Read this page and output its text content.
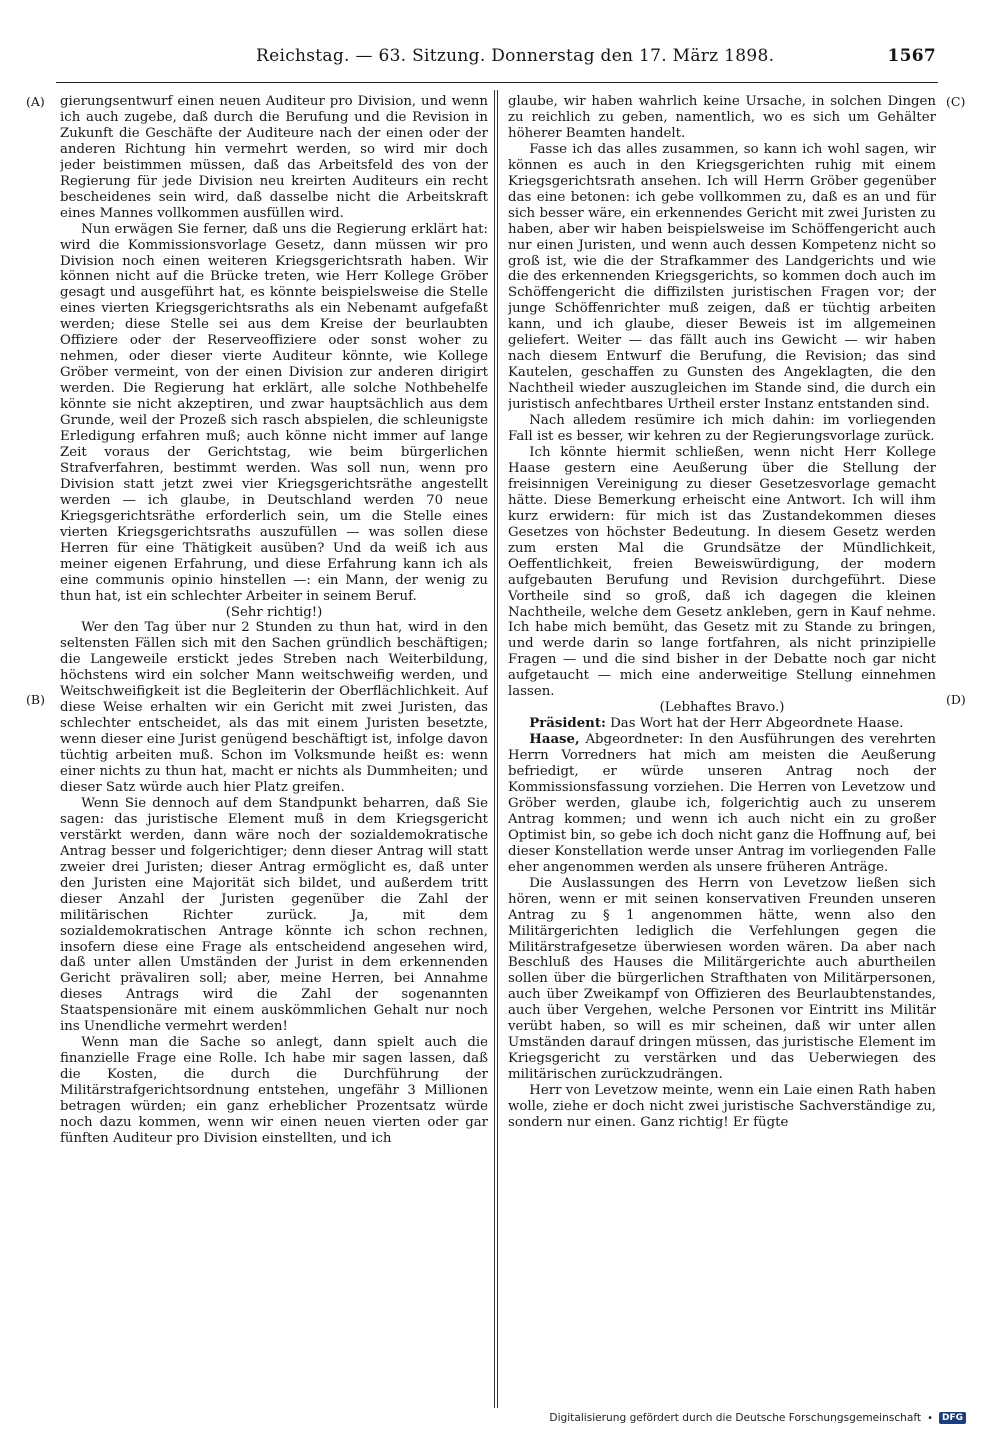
Reichstag. — 63. Sitzung. Donnerstag den 17. März 1898.	1567
(A)
(B)
(C)
(D)

gierungsentwurf einen neuen Auditeur pro Division, und wenn ich auch zugebe, daß durch die Berufung und die Revision in Zukunft die Geschäfte der Auditeure nach der einen oder der anderen Richtung hin vermehrt werden, so wird mir doch jeder beistimmen müssen, daß das Arbeitsfeld des von der Regierung für jede Division neu kreirten Auditeurs ein recht bescheidenes sein wird, daß dasselbe nicht die Arbeitskraft eines Mannes vollkommen ausfüllen wird.

Nun erwägen Sie ferner, daß uns die Regierung erklärt hat: wird die Kommissionsvorlage Gesetz, dann müssen wir pro Division noch einen weiteren Kriegsgerichtsrath haben. Wir können nicht auf die Brücke treten, wie Herr Kollege Gröber gesagt und ausgeführt hat, es könnte beispielsweise die Stelle eines vierten Kriegsgerichtsraths als ein Nebenamt aufgefaßt werden; diese Stelle sei aus dem Kreise der beurlaubten Offiziere oder der Reserveoffiziere oder sonst woher zu nehmen, oder dieser vierte Auditeur könnte, wie Kollege Gröber vermeint, von der einen Division zur anderen dirigirt werden. Die Regierung hat erklärt, alle solche Nothbehelfe könnte sie nicht akzeptiren, und zwar hauptsächlich aus dem Grunde, weil der Prozeß sich rasch abspielen, die schleunigste Erledigung erfahren muß; auch könne nicht immer auf lange Zeit voraus der Gerichtstag, wie beim bürgerlichen Strafverfahren, bestimmt werden. Was soll nun, wenn pro Division statt jetzt zwei vier Kriegsgerichtsräthe angestellt werden — ich glaube, in Deutschland werden 70 neue Kriegsgerichtsräthe erforderlich sein, um die Stelle eines vierten Kriegsgerichtsraths auszufüllen — was sollen diese Herren für eine Thätigkeit ausüben? Und da weiß ich aus meiner eigenen Erfahrung, und diese Erfahrung kann ich als eine communis opinio hinstellen —: ein Mann, der wenig zu thun hat, ist ein schlechter Arbeiter in seinem Beruf.

(Sehr richtig!)

Wer den Tag über nur 2 Stunden zu thun hat, wird in den seltensten Fällen sich mit den Sachen gründlich beschäftigen; die Langeweile erstickt jedes Streben nach Weiterbildung, höchstens wird ein solcher Mann weitschweifig werden, und Weitschweifigkeit ist die Begleiterin der Oberflächlichkeit. Auf diese Weise erhalten wir ein Gericht mit zwei Juristen, das schlechter entscheidet, als das mit einem Juristen besetzte, wenn dieser eine Jurist genügend beschäftigt ist, infolge davon tüchtig arbeiten muß. Schon im Volksmunde heißt es: wenn einer nichts zu thun hat, macht er nichts als Dummheiten; und dieser Satz würde auch hier Platz greifen.

Wenn Sie dennoch auf dem Standpunkt beharren, daß Sie sagen: das juristische Element muß in dem Kriegsgericht verstärkt werden, dann wäre noch der sozialdemokratische Antrag besser und folgerichtiger; denn dieser Antrag will statt zweier drei Juristen; dieser Antrag ermöglicht es, daß unter den Juristen eine Majorität sich bildet, und außerdem tritt dieser Anzahl der Juristen gegenüber die Zahl der militärischen Richter zurück. Ja, mit dem sozialdemokratischen Antrage könnte ich schon rechnen, insofern diese eine Frage als entscheidend angesehen wird, daß unter allen Umständen der Jurist in dem erkennenden Gericht prävaliren soll; aber, meine Herren, bei Annahme dieses Antrags wird die Zahl der sogenannten Staatspensionäre mit einem auskömmlichen Gehalt nur noch ins Unendliche vermehrt werden!

Wenn man die Sache so anlegt, dann spielt auch die finanzielle Frage eine Rolle. Ich habe mir sagen lassen, daß die Kosten, die durch die Durchführung der Militärstrafgerichtsordnung entstehen, ungefähr 3 Millionen betragen würden; ein ganz erheblicher Prozentsatz würde noch dazu kommen, wenn wir einen neuen vierten oder gar fünften Auditeur pro Division einstellten, und ich

glaube, wir haben wahrlich keine Ursache, in solchen Dingen zu reichlich zu geben, namentlich, wo es sich um Gehälter höherer Beamten handelt.

Fasse ich das alles zusammen, so kann ich wohl sagen, wir können es auch in den Kriegsgerichten ruhig mit einem Kriegsgerichtsrath ansehen. Ich will Herrn Gröber gegenüber das eine betonen: ich gebe vollkommen zu, daß es an und für sich besser wäre, ein erkennendes Gericht mit zwei Juristen zu haben, aber wir haben beispielsweise im Schöffengericht auch nur einen Juristen, und wenn auch dessen Kompetenz nicht so groß ist, wie die der Strafkammer des Landgerichts und wie die des erkennenden Kriegsgerichts, so kommen doch auch im Schöffengericht die diffizilsten juristischen Fragen vor; der junge Schöffenrichter muß zeigen, daß er tüchtig arbeiten kann, und ich glaube, dieser Beweis ist im allgemeinen geliefert. Weiter — das fällt auch ins Gewicht — wir haben nach diesem Entwurf die Berufung, die Revision; das sind Kautelen, geschaffen zu Gunsten des Angeklagten, die den Nachtheil wieder auszugleichen im Stande sind, die durch ein juristisch anfechtbares Urtheil erster Instanz entstanden sind.

Nach alledem resümire ich mich dahin: im vorliegenden Fall ist es besser, wir kehren zu der Regierungsvorlage zurück.

Ich könnte hiermit schließen, wenn nicht Herr Kollege Haase gestern eine Aeußerung über die Stellung der freisinnigen Vereinigung zu dieser Gesetzesvorlage gemacht hätte. Diese Bemerkung erheischt eine Antwort. Ich will ihm kurz erwidern: für mich ist das Zustandekommen dieses Gesetzes von höchster Bedeutung. In diesem Gesetz werden zum ersten Mal die Grundsätze der Mündlichkeit, Oeffentlichkeit, freien Beweiswürdigung, der modern aufgebauten Berufung und Revision durchgeführt. Diese Vortheile sind so groß, daß ich dagegen die kleinen Nachtheile, welche dem Gesetz ankleben, gern in Kauf nehme. Ich habe mich bemüht, das Gesetz mit zu Stande zu bringen, und werde darin so lange fortfahren, als nicht prinzipielle Fragen — und die sind bisher in der Debatte noch gar nicht aufgetaucht — mich eine anderweitige Stellung einnehmen lassen.

(Lebhaftes Bravo.)

Präsident: Das Wort hat der Herr Abgeordnete Haase.

Haase, Abgeordneter: In den Ausführungen des verehrten Herrn Vorredners hat mich am meisten die Aeußerung befriedigt, er würde unseren Antrag noch der Kommissionsfassung vorziehen. Die Herren von Levetzow und Gröber werden, glaube ich, folgerichtig auch zu unserem Antrag kommen; und wenn ich auch nicht ein zu großer Optimist bin, so gebe ich doch nicht ganz die Hoffnung auf, bei dieser Konstellation werde unser Antrag im vorliegenden Falle eher angenommen werden als unsere früheren Anträge.

Die Auslassungen des Herrn von Levetzow ließen sich hören, wenn er mit seinen konservativen Freunden unseren Antrag zu § 1 angenommen hätte, wenn also den Militärgerichten lediglich die Verfehlungen gegen die Militärstrafgesetze überwiesen worden wären. Da aber nach Beschluß des Hauses die Militärgerichte auch aburtheilen sollen über die bürgerlichen Strafthaten von Militärpersonen, auch über Zweikampf von Offizieren des Beurlaubtenstandes, auch über Vergehen, welche Personen vor Eintritt ins Militär verübt haben, so will es mir scheinen, daß wir unter allen Umständen darauf dringen müssen, das juristische Element im Kriegsgericht zu verstärken und das Ueberwiegen des militärischen zurückzudrängen.

Herr von Levetzow meinte, wenn ein Laie einen Rath haben wolle, ziehe er doch nicht zwei juristische Sachverständige zu, sondern nur einen. Ganz richtig! Er fügte

Digitalisierung gefördert durch die Deutsche Forschungsgemeinschaft •	DFG
